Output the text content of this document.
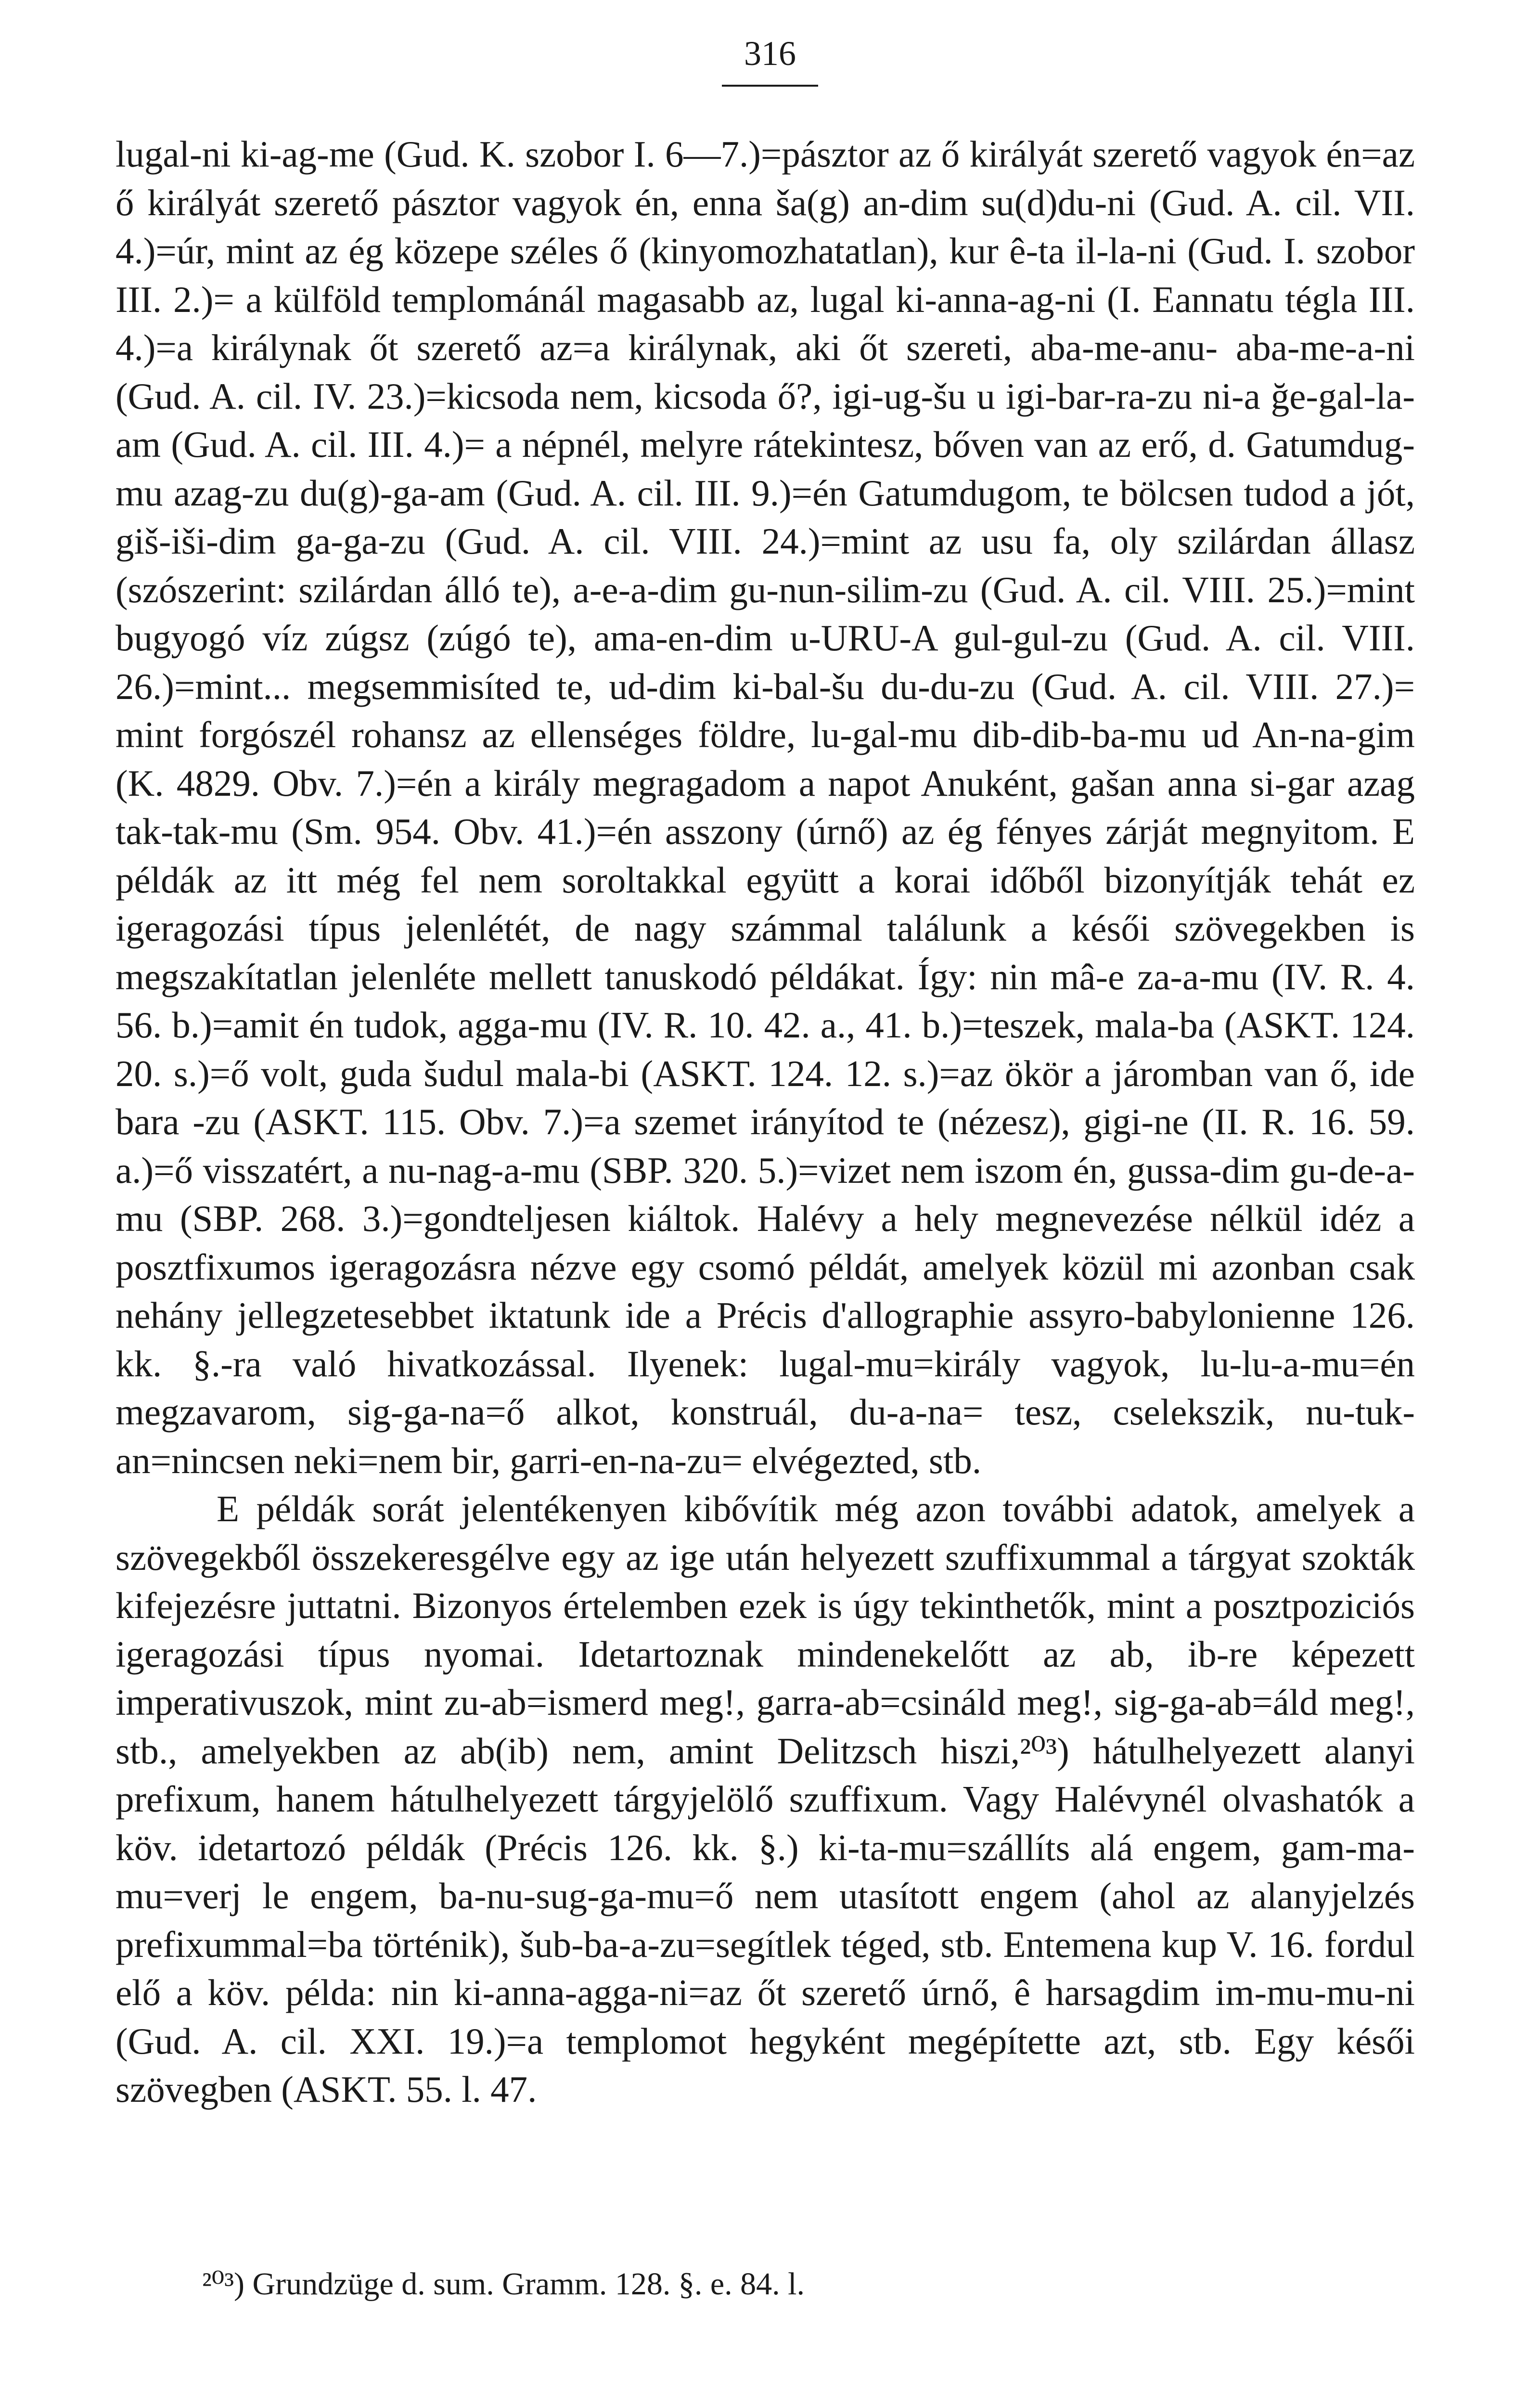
316

lugal-ni ki-ag-me (Gud. K. szobor I. 6—7.)=pásztor az ő királyát szerető vagyok én=az ő királyát szerető pásztor vagyok én, enna ša(g) an-dim su(d)du-ni (Gud. A. cil. VII. 4.)=úr, mint az ég közepe széles ő (kinyomozhatatlan), kur ê-ta il-la-ni (Gud. I. szobor III. 2.)= a külföld templománál magasabb az, lugal ki-anna-ag-ni (I. Eannatu tégla III. 4.)=a királynak őt szerető az=a királynak, aki őt szereti, aba-me-anu- aba-me-a-ni (Gud. A. cil. IV. 23.)=kicsoda nem, kicsoda ő?, igi-ug-šu u igi-bar-ra-zu ni-a ğe-gal-la-am (Gud. A. cil. III. 4.)= a népnél, melyre rátekintesz, bőven van az erő, d. Gatumdug-mu azag-zu du(g)-ga-am (Gud. A. cil. III. 9.)=én Gatumdugom, te bölcsen tudod a jót, giš-iši-dim ga-ga-zu (Gud. A. cil. VIII. 24.)=mint az usu fa, oly szilárdan állasz (szószerint: szilárdan álló te), a-e-a-dim gu-nun-silim-zu (Gud. A. cil. VIII. 25.)=mint bugyogó víz zúgsz (zúgó te), ama-en-dim u-URU-A gul-gul-zu (Gud. A. cil. VIII. 26.)=mint... megsemmisíted te, ud-dim ki-bal-šu du-du-zu (Gud. A. cil. VIII. 27.)= mint forgószél rohansz az ellenséges földre, lu-gal-mu dib-dib-ba-mu ud An-na-gim (K. 4829. Obv. 7.)=én a király megragadom a napot Anuként, gašan anna si-gar azag tak-tak-mu (Sm. 954. Obv. 41.)=én asszony (úrnő) az ég fényes zárját megnyitom. E példák az itt még fel nem soroltakkal együtt a korai időből bizonyítják tehát ez igeragozási típus jelenlétét, de nagy számmal találunk a késői szövegekben is megszakítatlan jelenléte mellett tanuskodó példákat. Így: nin mâ-e za-a-mu (IV. R. 4. 56. b.)=amit én tudok, agga-mu (IV. R. 10. 42. a., 41. b.)=teszek, mala-ba (ASKT. 124. 20. s.)=ő volt, guda šudul mala-bi (ASKT. 124. 12. s.)=az ökör a járomban van ő, ide bara -zu (ASKT. 115. Obv. 7.)=a szemet irányítod te (nézesz), gigi-ne (II. R. 16. 59. a.)=ő visszatért, a nu-nag-a-mu (SBP. 320. 5.)=vizet nem iszom én, gussa-dim gu-de-a-mu (SBP. 268. 3.)=gondteljesen kiáltok. Halévy a hely megnevezése nélkül idéz a posztfixumos igeragozásra nézve egy csomó példát, amelyek közül mi azonban csak nehány jellegzetesebbet iktatunk ide a Précis d'allographie assyro-babylonienne 126. kk. §.-ra való hivatkozással. Ilyenek: lugal-mu=király vagyok, lu-lu-a-mu=én megzavarom, sig-ga-na=ő alkot, konstruál, du-a-na= tesz, cselekszik, nu-tuk-an=nincsen neki=nem bir, garri-en-na-zu= elvégezted, stb.

E példák sorát jelentékenyen kibővítik még azon további adatok, amelyek a szövegekből összekeresgélve egy az ige után helyezett szuffixummal a tárgyat szokták kifejezésre juttatni. Bizonyos értelemben ezek is úgy tekinthetők, mint a posztpoziciós igeragozási típus nyomai. Idetartoznak mindenekelőtt az ab, ib-re képezett imperativuszok, mint zu-ab=ismerd meg!, garra-ab=csináld meg!, sig-ga-ab=áld meg!, stb., amelyekben az ab(ib) nem, amint Delitzsch hiszi,²⁰³) hátulhelyezett alanyi prefixum, hanem hátulhelyezett tárgyjelölő szuffixum. Vagy Halévynél olvashatók a köv. idetartozó példák (Précis 126. kk. §.) ki-ta-mu=szállíts alá engem, gam-ma-mu=verj le engem, ba-nu-sug-ga-mu=ő nem utasított engem (ahol az alanyjelzés prefixummal=ba történik), šub-ba-a-zu=segítlek téged, stb. Entemena kup V. 16. fordul elő a köv. példa: nin ki-anna-agga-ni=az őt szerető úrnő, ê harsagdim im-mu-mu-ni (Gud. A. cil. XXI. 19.)=a templomot hegyként megépítette azt, stb. Egy késői szövegben (ASKT. 55. l. 47.

²⁰³) Grundzüge d. sum. Gramm. 128. §. e. 84. l.
